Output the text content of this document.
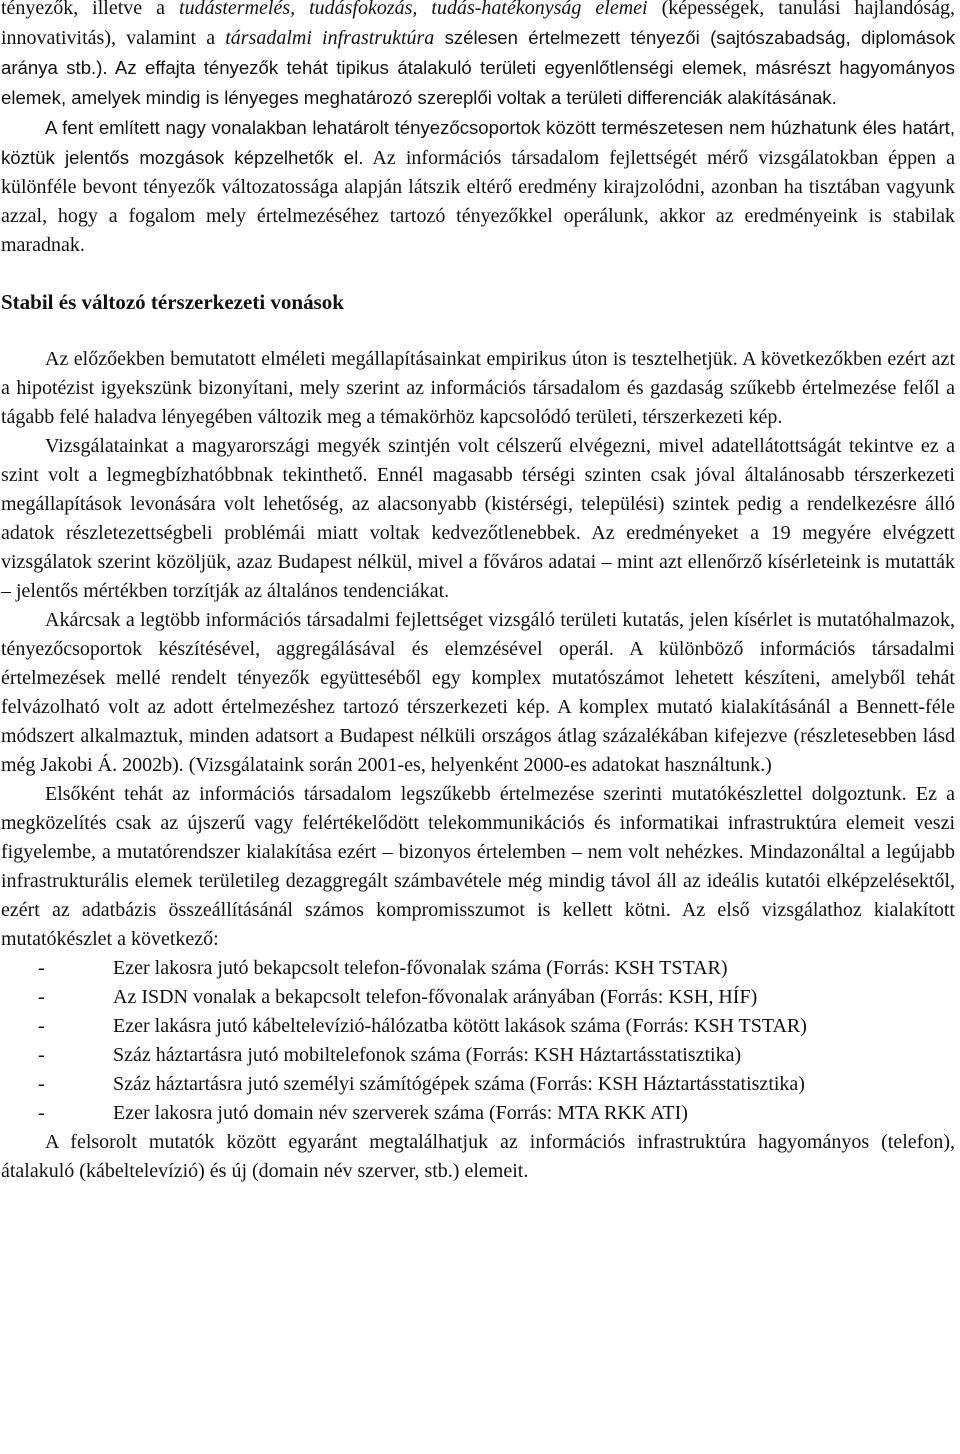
tényezők, illetve a tudástermelés, tudásfokozás, tudás-hatékonyság elemei (képességek, tanulási hajlandóság, innovativitás), valamint a társadalmi infrastruktúra szélesen értelmezett tényezői (sajtószabadság, diplomások aránya stb.). Az effajta tényezők tehát tipikus átalakuló területi egyenlőtlenségi elemek, másrészt hagyományos elemek, amelyek mindig is lényeges meghatározó szereplői voltak a területi differenciák alakításának.

A fent említett nagy vonalakban lehatárolt tényezőcsoportok között természetesen nem húzhatunk éles határt, köztük jelentős mozgások képzelhetők el. Az információs társadalom fejlettségét mérő vizsgálatokban éppen a különféle bevont tényezők változatossága alapján látszik eltérő eredmény kirajzolódni, azonban ha tisztában vagyunk azzal, hogy a fogalom mely értelmezéséhez tartozó tényezőkkel operálunk, akkor az eredményeink is stabilak maradnak.

Stabil és változó térszerkezeti vonások

Az előzőekben bemutatott elméleti megállapításainkat empirikus úton is tesztelhetjük. A következőkben ezért azt a hipotézist igyekszünk bizonyítani, mely szerint az információs társadalom és gazdaság szűkebb értelmezése felől a tágabb felé haladva lényegében változik meg a témakörhöz kapcsolódó területi, térszerkezeti kép.

Vizsgálatainkat a magyarországi megyék szintjén volt célszerű elvégezni, mivel adatellátottságát tekintve ez a szint volt a legmegbízhatóbbnak tekinthető. Ennél magasabb térségi szinten csak jóval általánosabb térszerkezeti megállapítások levonására volt lehetőség, az alacsonyabb (kistérségi, települési) szintek pedig a rendelkezésre álló adatok részletezettségbeli problémái miatt voltak kedvezőtlenebbek. Az eredményeket a 19 megyére elvégzett vizsgálatok szerint közöljük, azaz Budapest nélkül, mivel a főváros adatai – mint azt ellenőrző kísérleteink is mutatták – jelentős mértékben torzítják az általános tendenciákat.

Akárcsak a legtöbb információs társadalmi fejlettséget vizsgáló területi kutatás, jelen kísérlet is mutatóhalmazok, tényezőcsoportok készítésével, aggregálásával és elemzésével operál. A különböző információs társadalmi értelmezések mellé rendelt tényezők együtteséből egy komplex mutatószámot lehetett készíteni, amelyből tehát felvázolható volt az adott értelmezéshez tartozó térszerkezeti kép. A komplex mutató kialakításánál a Bennett-féle módszert alkalmaztuk, minden adatsort a Budapest nélküli országos átlag százalékában kifejezve (részletesebben lásd még Jakobi Á. 2002b). (Vizsgálataink során 2001-es, helyenként 2000-es adatokat használtunk.)

Elsőként tehát az információs társadalom legszűkebb értelmezése szerinti mutatókészlettel dolgoztunk. Ez a megközelítés csak az újszerű vagy felértékelődött telekommunikációs és informatikai infrastruktúra elemeit veszi figyelembe, a mutatórendszer kialakítása ezért – bizonyos értelemben – nem volt nehézkes. Mindazonáltal a legújabb infrastrukturális elemek területileg dezaggregált számbavétele még mindig távol áll az ideális kutatói elképzelésektől, ezért az adatbázis összeállításánál számos kompromisszumot is kellett kötni. Az első vizsgálathoz kialakított mutatókészlet a következő:

-	Ezer lakosra jutó bekapcsolt telefon-fővonalak száma (Forrás: KSH TSTAR)
-	Az ISDN vonalak a bekapcsolt telefon-fővonalak arányában (Forrás: KSH, HÍF)
-	Ezer lakásra jutó kábeltelevízió-hálózatba kötött lakások száma (Forrás: KSH TSTAR)
-	Száz háztartásra jutó mobiltelefonok száma (Forrás: KSH Háztartásstatisztika)
-	Száz háztartásra jutó személyi számítógépek száma (Forrás: KSH Háztartásstatisztika)
-	Ezer lakosra jutó domain név szerverek száma (Forrás: MTA RKK ATI)

A felsorolt mutatók között egyaránt megtalálhatjuk az információs infrastruktúra hagyományos (telefon), átalakuló (kábeltelevízió) és új (domain név szerver, stb.) elemeit.
